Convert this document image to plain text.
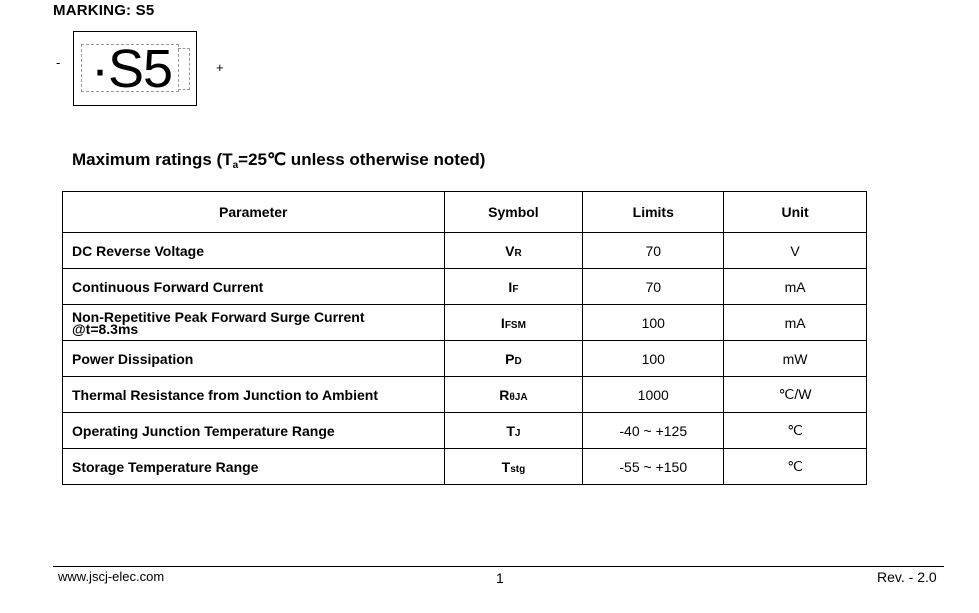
MARKING: S5
- ·S5	+
Maximum ratings ($T_a=25℃$ unless otherwise noted)
Parameter	Symbol	Limits	Unit
DC Reverse Voltage	VR	70	V
Continuous Forward Current	IF	70	mA

Non-Repetitive Peak Forward Surge Current
@t=8.3ms	IFSM	100	mA
Power Dissipation	PD	100	mW
Thermal Resistance from Junction to Ambient	RθJA	1000	℃/W
Operating Junction Temperature Range	TJ	-40 ~ +125	℃
Storage Temperature Range	Tstg	-55 ~ +150	℃
www.jscj-elec.com	1	Rev. - 2.0
